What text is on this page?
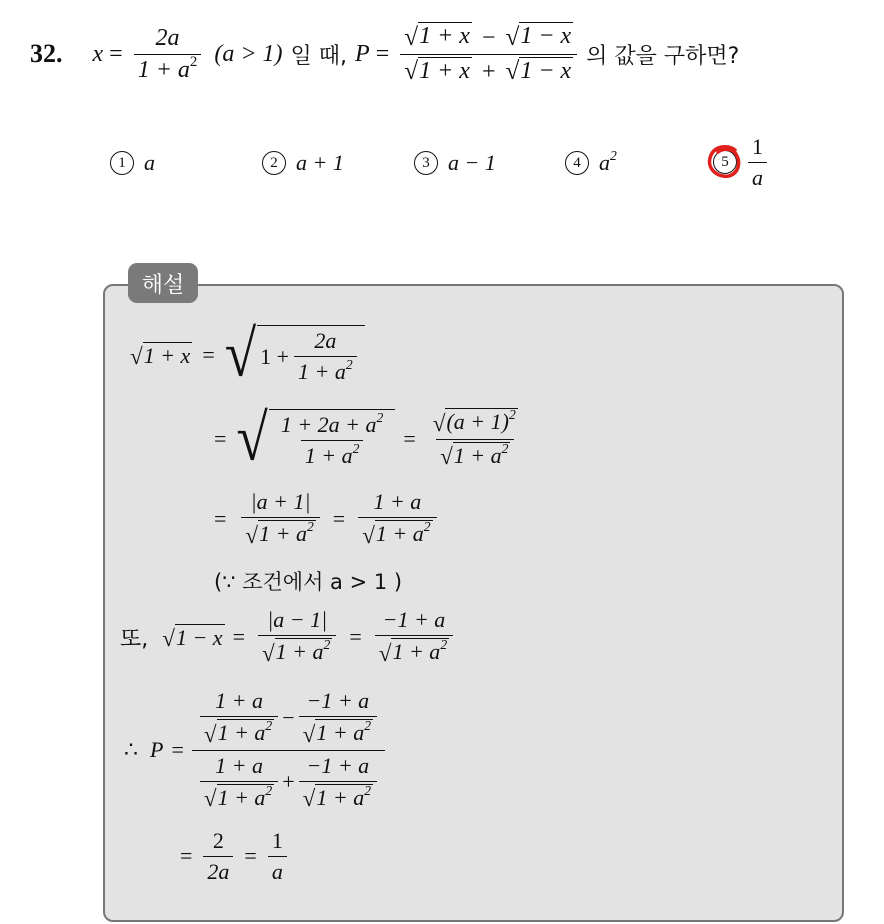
32. $x = \frac{2a}{1 + a^2} (a > 1)$ 일 때, $P = \frac{√ 1 + x - √ 1 - x}{√ 1 + x + √ 1 - x}$ 의 값을 구하면?
1 a	2 a + 1	3 a − 1	4 $a^2$	$5 \frac{1}{a}$
해설
√ 1 + x = √ $1 + \frac{2a}{1 + a^2}$
= √ $\frac{1 + 2a + a^2}{1 + a^2} = \frac{√ (a + 1)^2}{√ 1 + a^2}$
= $\frac{|a + 1|}{√ 1 + a^2} = \frac{1 + a}{√ 1 + a^2}$
(∵ 조건에서 a > 1 )
또, √ $1 - x = \frac{|a - 1|}{√ 1 + a^2} = \frac{-1 + a}{√ 1 + a^2}$
∴ P =
$\frac{1 + a}{√ 1 + a^2} - \frac{-1 + a}{√ 1 + a^2}$
$\frac{1 + a}{√ 1 + a^2} + \frac{-1 + a}{√ 1 + a^2}$
= $\frac{2}{2a} = \frac{1}{a}$
